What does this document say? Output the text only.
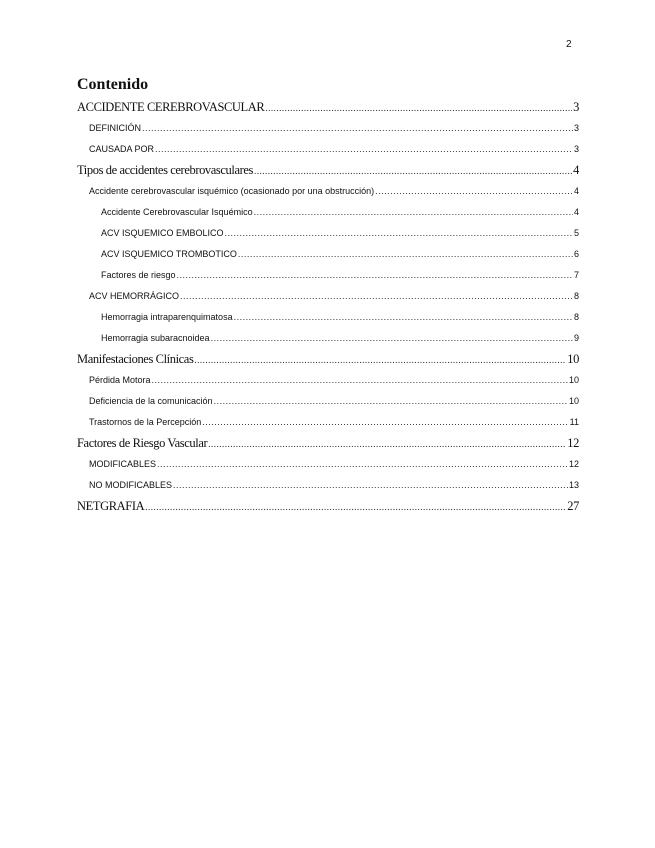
2
Contenido
ACCIDENTE CEREBROVASCULAR .....	3
DEFINICIÓN .....	3
CAUSADA POR .....	3
Tipos de accidentes cerebrovasculares .....	4
Accidente cerebrovascular isquémico (ocasionado por una obstrucción) .....	4
Accidente Cerebrovascular Isquémico .....	4
ACV ISQUEMICO EMBOLICO .....	5
ACV ISQUEMICO TROMBOTICO .....	6
Factores de riesgo .....	7
ACV HEMORRÁGICO .....	8
Hemorragia intraparenquimatosa .....	8
Hemorragia subaracnoidea .....	9
Manifestaciones Clínicas .....	10
Pérdida Motora .....	10
Deficiencia de la comunicación .....	10
Trastornos de la Percepción .....	11
Factores de Riesgo Vascular .....	12
MODIFICABLES .....	12
NO MODIFICABLES .....	13
NETGRAFIA .....	27
